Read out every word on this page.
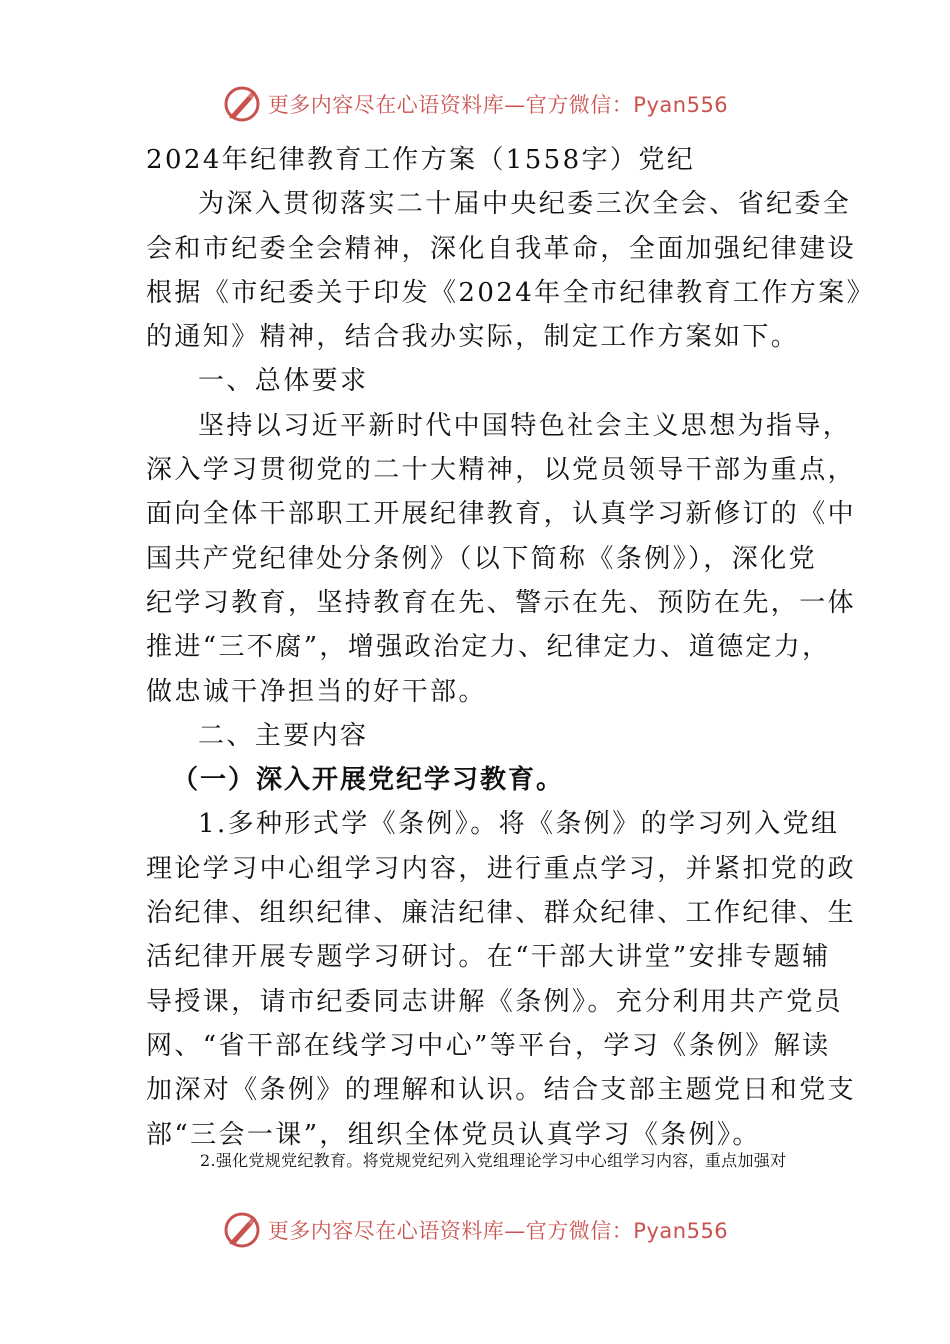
更多内容尽在心语资料库—官方微信：Pyan556
2024年纪律教育工作方案（1558字）党纪
为深入贯彻落实二十届中央纪委三次全会、省纪委全
会和市纪委全会精神，深化自我革命，全面加强纪律建设
根据《市纪委关于印发《2024年全市纪律教育工作方案》
的通知》精神，结合我办实际，制定工作方案如下。
一、总体要求
坚持以习近平新时代中国特色社会主义思想为指导，
深入学习贯彻党的二十大精神，以党员领导干部为重点，
面向全体干部职工开展纪律教育，认真学习新修订的《中
国共产党纪律处分条例》（以下简称《条例》），深化党
纪学习教育，坚持教育在先、警示在先、预防在先，一体
推进“三不腐”，增强政治定力、纪律定力、道德定力，
做忠诚干净担当的好干部。
二、主要内容
（一）深入开展党纪学习教育。
1.多种形式学《条例》。将《条例》的学习列入党组
理论学习中心组学习内容，进行重点学习，并紧扣党的政
治纪律、组织纪律、廉洁纪律、群众纪律、工作纪律、生
活纪律开展专题学习研讨。在“干部大讲堂”安排专题辅
导授课，请市纪委同志讲解《条例》。充分利用共产党员
网、“省干部在线学习中心”等平台，学习《条例》解读
加深对《条例》的理解和认识。结合支部主题党日和党支
部“三会一课”，组织全体党员认真学习《条例》。
2.强化党规党纪教育。将党规党纪列入党组理论学习中心组学习内容，重点加强对
更多内容尽在心语资料库—官方微信：Pyan556
